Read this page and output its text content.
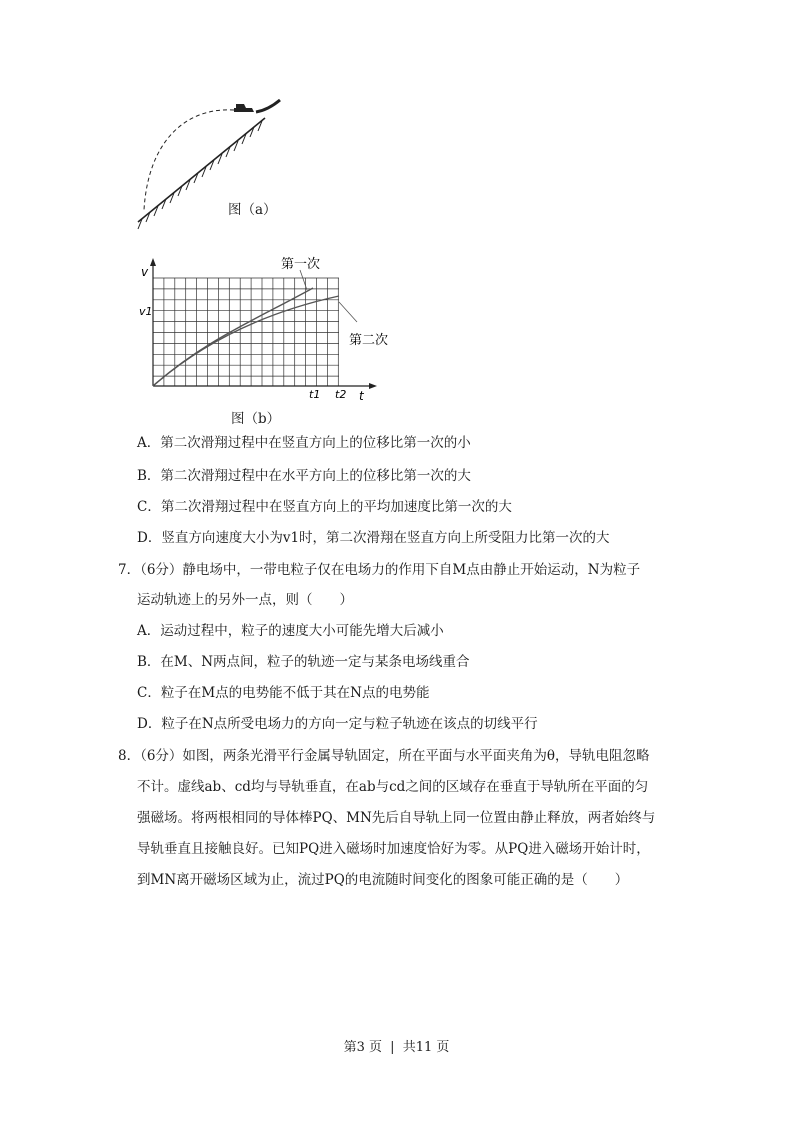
图（a）
v
v1
t
t1 t2
第一次
第二次
图（b）
A．第二次滑翔过程中在竖直方向上的位移比第一次的小
B．第二次滑翔过程中在水平方向上的位移比第一次的大
C．第二次滑翔过程中在竖直方向上的平均加速度比第一次的大
D．竖直方向速度大小为v1时，第二次滑翔在竖直方向上所受阻力比第一次的大
7．（6分）静电场中，一带电粒子仅在电场力的作用下自M点由静止开始运动，N为粒子
运动轨迹上的另外一点，则（　　）
A．运动过程中，粒子的速度大小可能先增大后减小
B．在M、N两点间，粒子的轨迹一定与某条电场线重合
C．粒子在M点的电势能不低于其在N点的电势能
D．粒子在N点所受电场力的方向一定与粒子轨迹在该点的切线平行
8．（6分）如图，两条光滑平行金属导轨固定，所在平面与水平面夹角为θ，导轨电阻忽略
不计。虚线ab、cd均与导轨垂直，在ab与cd之间的区域存在垂直于导轨所在平面的匀
强磁场。将两根相同的导体棒PQ、MN先后自导轨上同一位置由静止释放，两者始终与
导轨垂直且接触良好。已知PQ进入磁场时加速度恰好为零。从PQ进入磁场开始计时，
到MN离开磁场区域为止，流过PQ的电流随时间变化的图象可能正确的是（　　）
第3 页 | 共11 页
